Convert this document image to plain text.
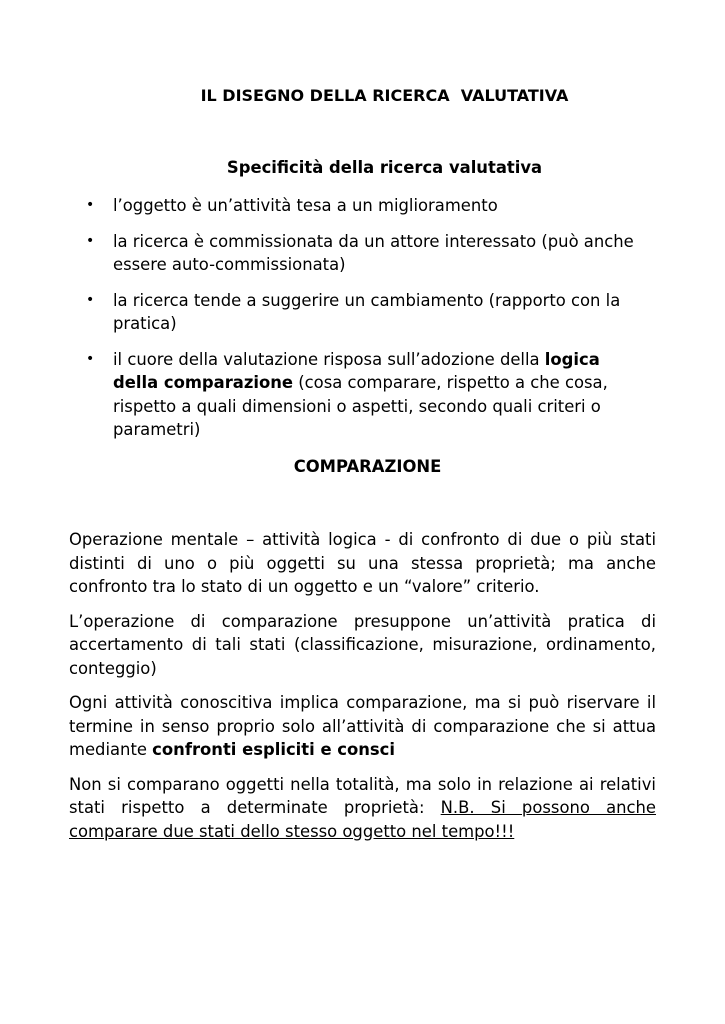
IL DISEGNO DELLA RICERCA  VALUTATIVA
Specificità della ricerca valutativa
• l’oggetto è un’attività tesa a un miglioramento
• la ricerca è commissionata da un attore interessato (può anche essere auto-commissionata)
• la ricerca tende a suggerire un cambiamento (rapporto con la pratica)
• il cuore della valutazione risposa sull’adozione della logica della comparazione (cosa comparare, rispetto a che cosa, rispetto a quali dimensioni o aspetti, secondo quali criteri o parametri)
COMPARAZIONE

Operazione mentale – attività logica - di confronto di due o più stati distinti di uno o più oggetti su una stessa proprietà; ma anche confronto tra lo stato di un oggetto e un “valore” criterio.

L’operazione di comparazione presuppone un’attività pratica di accertamento di tali stati (classificazione, misurazione, ordinamento, conteggio)

Ogni attività conoscitiva implica comparazione, ma si può riservare il termine in senso proprio solo all’attività di comparazione che si attua mediante confronti espliciti e consci

Non si comparano oggetti nella totalità, ma solo in relazione ai relativi stati rispetto a determinate proprietà: N.B. Si possono anche comparare due stati dello stesso oggetto nel tempo!!!
